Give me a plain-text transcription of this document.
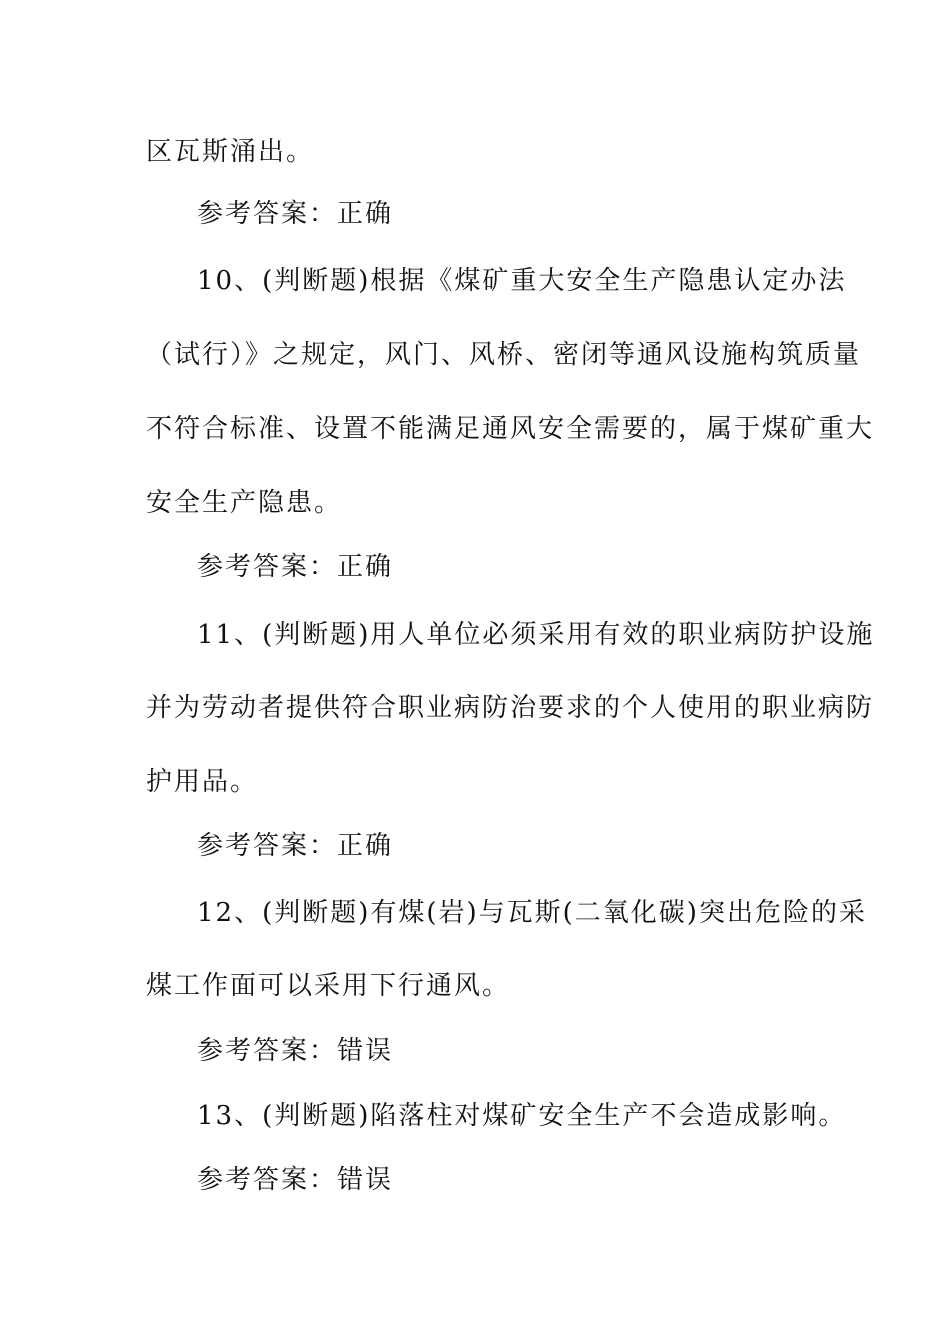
区瓦斯涌出。
参考答案：正确
10、(判断题)根据《煤矿重大安全生产隐患认定办法
（试行）》之规定，风门、风桥、密闭等通风设施构筑质量
不符合标准、设置不能满足通风安全需要的，属于煤矿重大
安全生产隐患。
参考答案：正确
11、(判断题)用人单位必须采用有效的职业病防护设施
并为劳动者提供符合职业病防治要求的个人使用的职业病防
护用品。
参考答案：正确
12、(判断题)有煤(岩)与瓦斯(二氧化碳)突出危险的采
煤工作面可以采用下行通风。
参考答案：错误
13、(判断题)陷落柱对煤矿安全生产不会造成影响。
参考答案：错误
